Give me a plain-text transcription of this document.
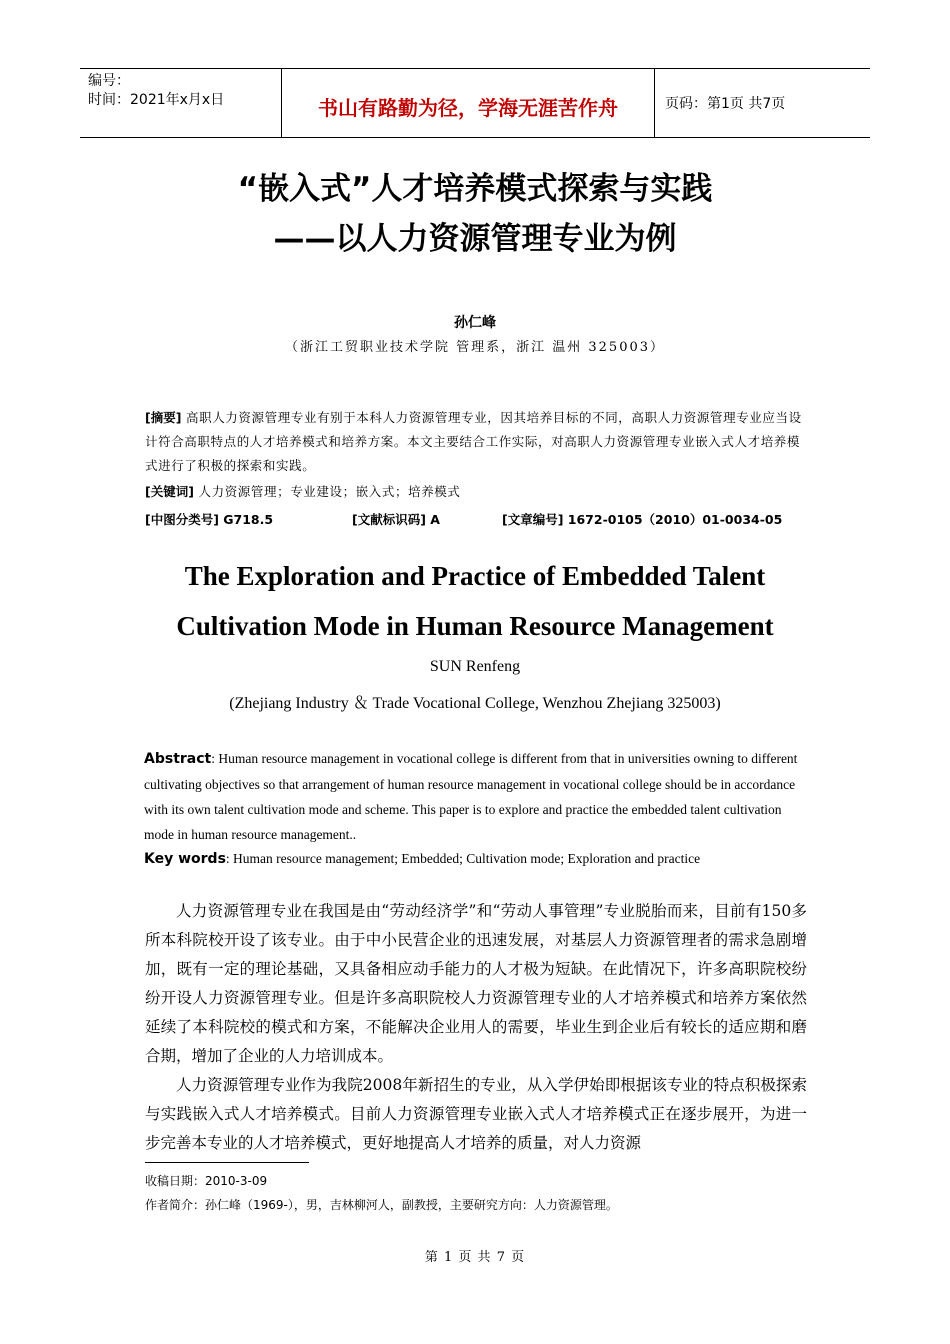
编号：
时间：2021年x月x日	书山有路勤为径，学海无涯苦作舟	页码：第1页 共7页
“嵌入式”人才培养模式探索与实践
——以人力资源管理专业为例
孙仁峰
（浙江工贸职业技术学院 管理系，浙江 温州 325003）
[摘要] 高职人力资源管理专业有别于本科人力资源管理专业，因其培养目标的不同，高职人力资源管理专业应当设计符合高职特点的人才培养模式和培养方案。本文主要结合工作实际，对高职人力资源管理专业嵌入式人才培养模式进行了积极的探索和实践。
[关键词] 人力资源管理；专业建设；嵌入式；培养模式
[中图分类号] G718.5	[文献标识码] A	[文章编号] 1672-0105（2010）01-0034-05
The Exploration and Practice of Embedded Talent
Cultivation Mode in Human Resource Management
SUN Renfeng
(Zhejiang Industry ＆ Trade Vocational College, Wenzhou Zhejiang 325003)
Abstract: Human resource management in vocational college is different from that in universities owning to different cultivating objectives so that arrangement of human resource management in vocational college should be in accordance with its own talent cultivation mode and scheme. This paper is to explore and practice the embedded talent cultivation mode in human resource management..
Key words: Human resource management; Embedded; Cultivation mode; Exploration and practice

人力资源管理专业在我国是由“劳动经济学”和“劳动人事管理”专业脱胎而来，目前有150多所本科院校开设了该专业。由于中小民营企业的迅速发展，对基层人力资源管理者的需求急剧增加，既有一定的理论基础，又具备相应动手能力的人才极为短缺。在此情况下，许多高职院校纷纷开设人力资源管理专业。但是许多高职院校人力资源管理专业的人才培养模式和培养方案依然延续了本科院校的模式和方案，不能解决企业用人的需要，毕业生到企业后有较长的适应期和磨合期，增加了企业的人力培训成本。

人力资源管理专业作为我院2008年新招生的专业，从入学伊始即根据该专业的特点积极探索与实践嵌入式人才培养模式。目前人力资源管理专业嵌入式人才培养模式正在逐步展开，为进一步完善本专业的人才培养模式，更好地提高人才培养的质量，对人力资源

收稿日期：2010-3-09
作者简介：孙仁峰（1969-），男，吉林柳河人，副教授，主要研究方向：人力资源管理。
第 1 页 共 7 页
